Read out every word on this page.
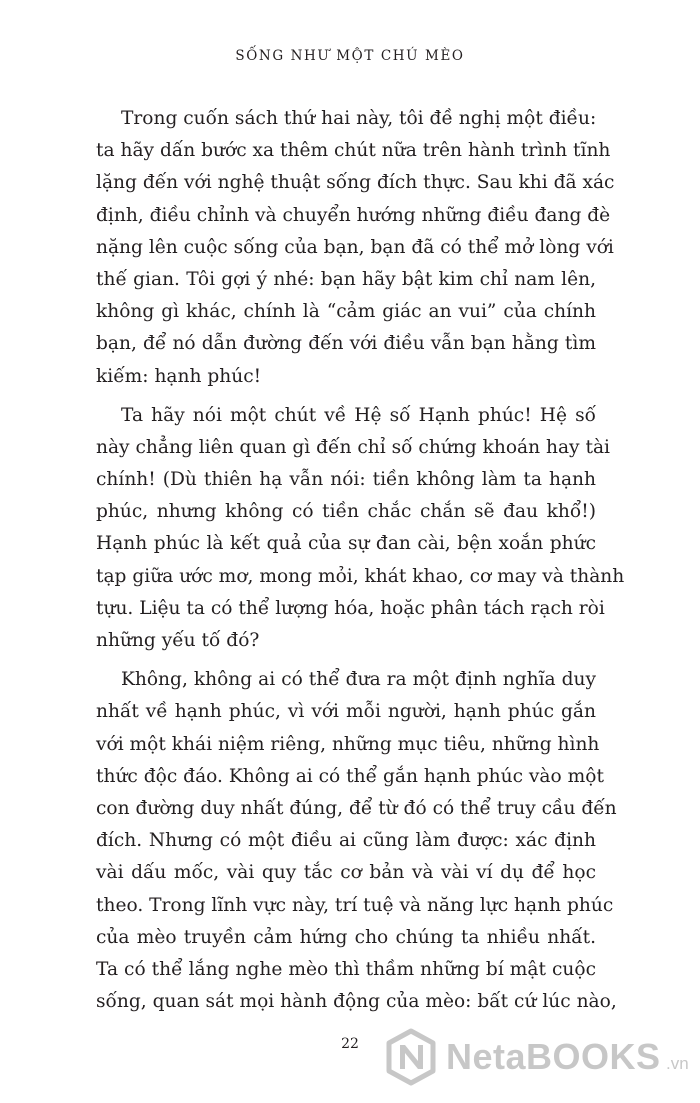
SỐNG NHƯ MỘT CHÚ MÈO
Trong cuốn sách thứ hai này, tôi đề nghị một điều:
ta hãy dấn bước xa thêm chút nữa trên hành trình tĩnh
lặng đến với nghệ thuật sống đích thực. Sau khi đã xác
định, điều chỉnh và chuyển hướng những điều đang đè
nặng lên cuộc sống của bạn, bạn đã có thể mở lòng với
thế gian. Tôi gợi ý nhé: bạn hãy bật kim chỉ nam lên,
không gì khác, chính là “cảm giác an vui” của chính
bạn, để nó dẫn đường đến với điều vẫn bạn hằng tìm
kiếm: hạnh phúc!
Ta hãy nói một chút về Hệ số Hạnh phúc! Hệ số
này chẳng liên quan gì đến chỉ số chứng khoán hay tài
chính! (Dù thiên hạ vẫn nói: tiền không làm ta hạnh
phúc, nhưng không có tiền chắc chắn sẽ đau khổ!)
Hạnh phúc là kết quả của sự đan cài, bện xoắn phức
tạp giữa ước mơ, mong mỏi, khát khao, cơ may và thành
tựu. Liệu ta có thể lượng hóa, hoặc phân tách rạch ròi
những yếu tố đó?
Không, không ai có thể đưa ra một định nghĩa duy
nhất về hạnh phúc, vì với mỗi người, hạnh phúc gắn
với một khái niệm riêng, những mục tiêu, những hình
thức độc đáo. Không ai có thể gắn hạnh phúc vào một
con đường duy nhất đúng, để từ đó có thể truy cầu đến
đích. Nhưng có một điều ai cũng làm được: xác định
vài dấu mốc, vài quy tắc cơ bản và vài ví dụ để học
theo. Trong lĩnh vực này, trí tuệ và năng lực hạnh phúc
của mèo truyền cảm hứng cho chúng ta nhiều nhất.
Ta có thể lắng nghe mèo thì thầm những bí mật cuộc
sống, quan sát mọi hành động của mèo: bất cứ lúc nào,
22	NetaBOOKS .vn
